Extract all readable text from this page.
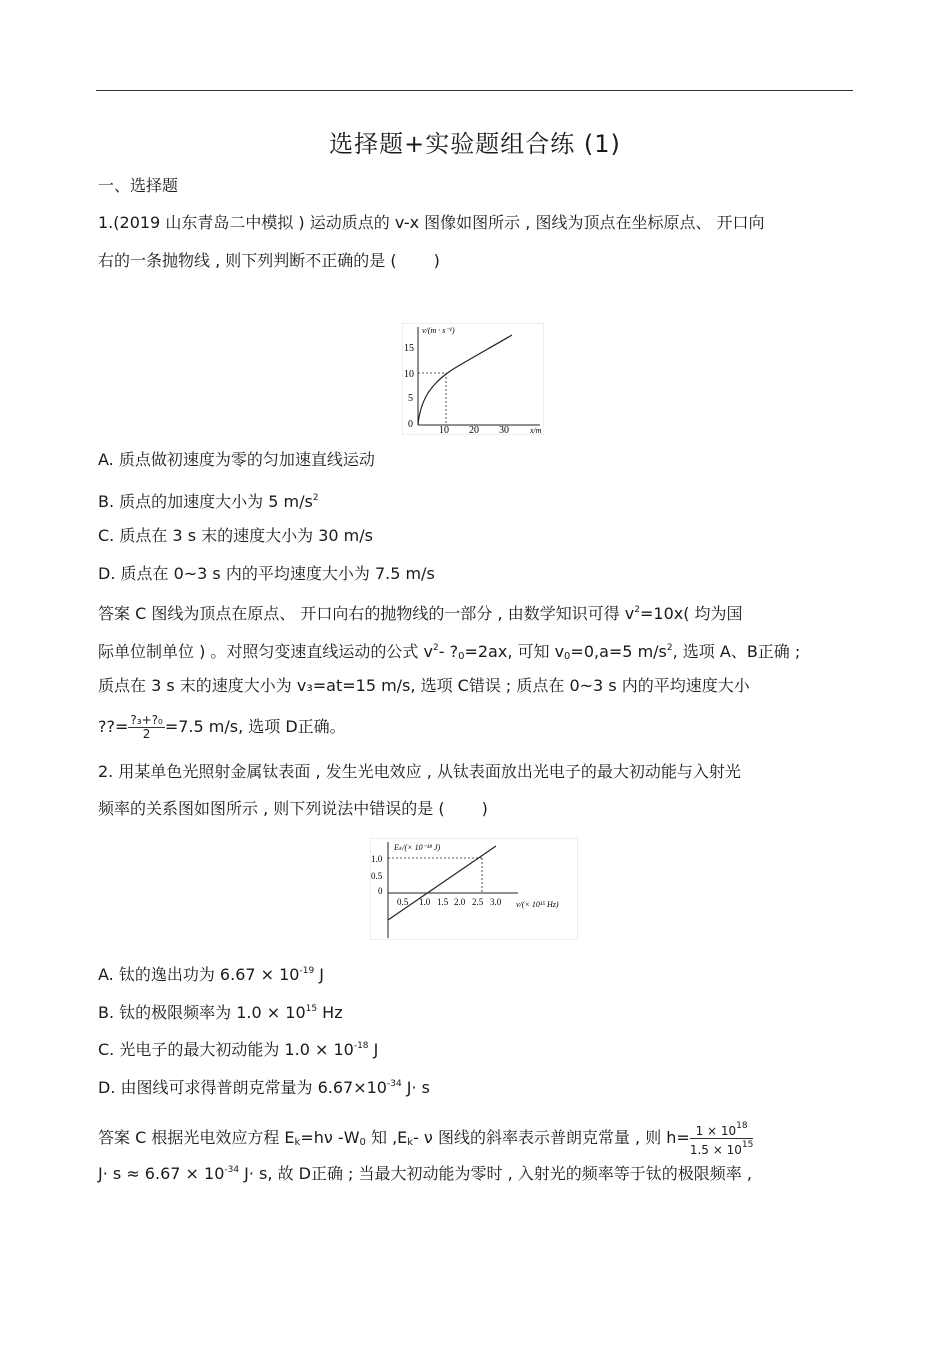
选择题+实验题组合练 (1)
一、选择题
1.(2019 山东青岛二中模拟 ) 运动质点的 v-x 图像如图所示 , 图线为顶点在坐标原点、 开口向
右的一条抛物线 , 则下列判断不正确的是 (　　 )
v/(m · s⁻¹)
x/m
15
10
5
0
10 20 30
A. 质点做初速度为零的匀加速直线运动
B. 质点的加速度大小为 5 $m/s^2$
C. 质点在 3 s 末的速度大小为 30 m/s
D. 质点在 0~3 s 内的平均速度大小为 7.5 m/s
答案 C 图线为顶点在原点、 开口向右的抛物线的一部分 , 由数学知识可得 $v^2=10x$( 均为国
际单位制单位 ) 。对照匀变速直线运动的公式 $v^2-$ $?_0=2ax$, 可知 $v_0=0,a=5$ $m/s^2$, 选项 A、B正确 ;
质点在 3 s 末的速度大小为 v₃=at=15 m/s, 选项 C错误 ; 质点在 0~3 s 内的平均速度大小
??= $\frac{\text{?₃+?₀}}{2} =7.5$ m/s, 选项 D正确。
2. 用某单色光照射金属钛表面 , 发生光电效应 , 从钛表面放出光电子的最大初动能与入射光
频率的关系图如图所示 , 则下列说法中错误的是 (　　 )
Eₖ/(× 10⁻¹⁸ J)
ν/(× 10¹⁵ Hz)
1.0
0.5
0
0.5 1.0 1.5 2.0 2.5 3.0
A. 钛的逸出功为 $6.67 \times 10^{-19}$ J
B. 钛的极限频率为 $1.0 \times 10^{15}$ Hz
C. 光电子的最大初动能为 $1.0 \times 10^{-18}$ J
D. 由图线可求得普朗克常量为 $6.67\times 10^{-34}$ J· s
答案 C 根据光电效应方程 $E_k=h\nu$ $-W_0$ 知 $,E_k-$ ν 图线的斜率表示普朗克常量 , 则 $h= \frac{1 \times 10^{18}}{1.5 \times 10^{15}}$
$J\cdot s \approx 6.67 \times 10^{-34}$ J· s, 故 D正确 ; 当最大初动能为零时 , 入射光的频率等于钛的极限频率 ,
